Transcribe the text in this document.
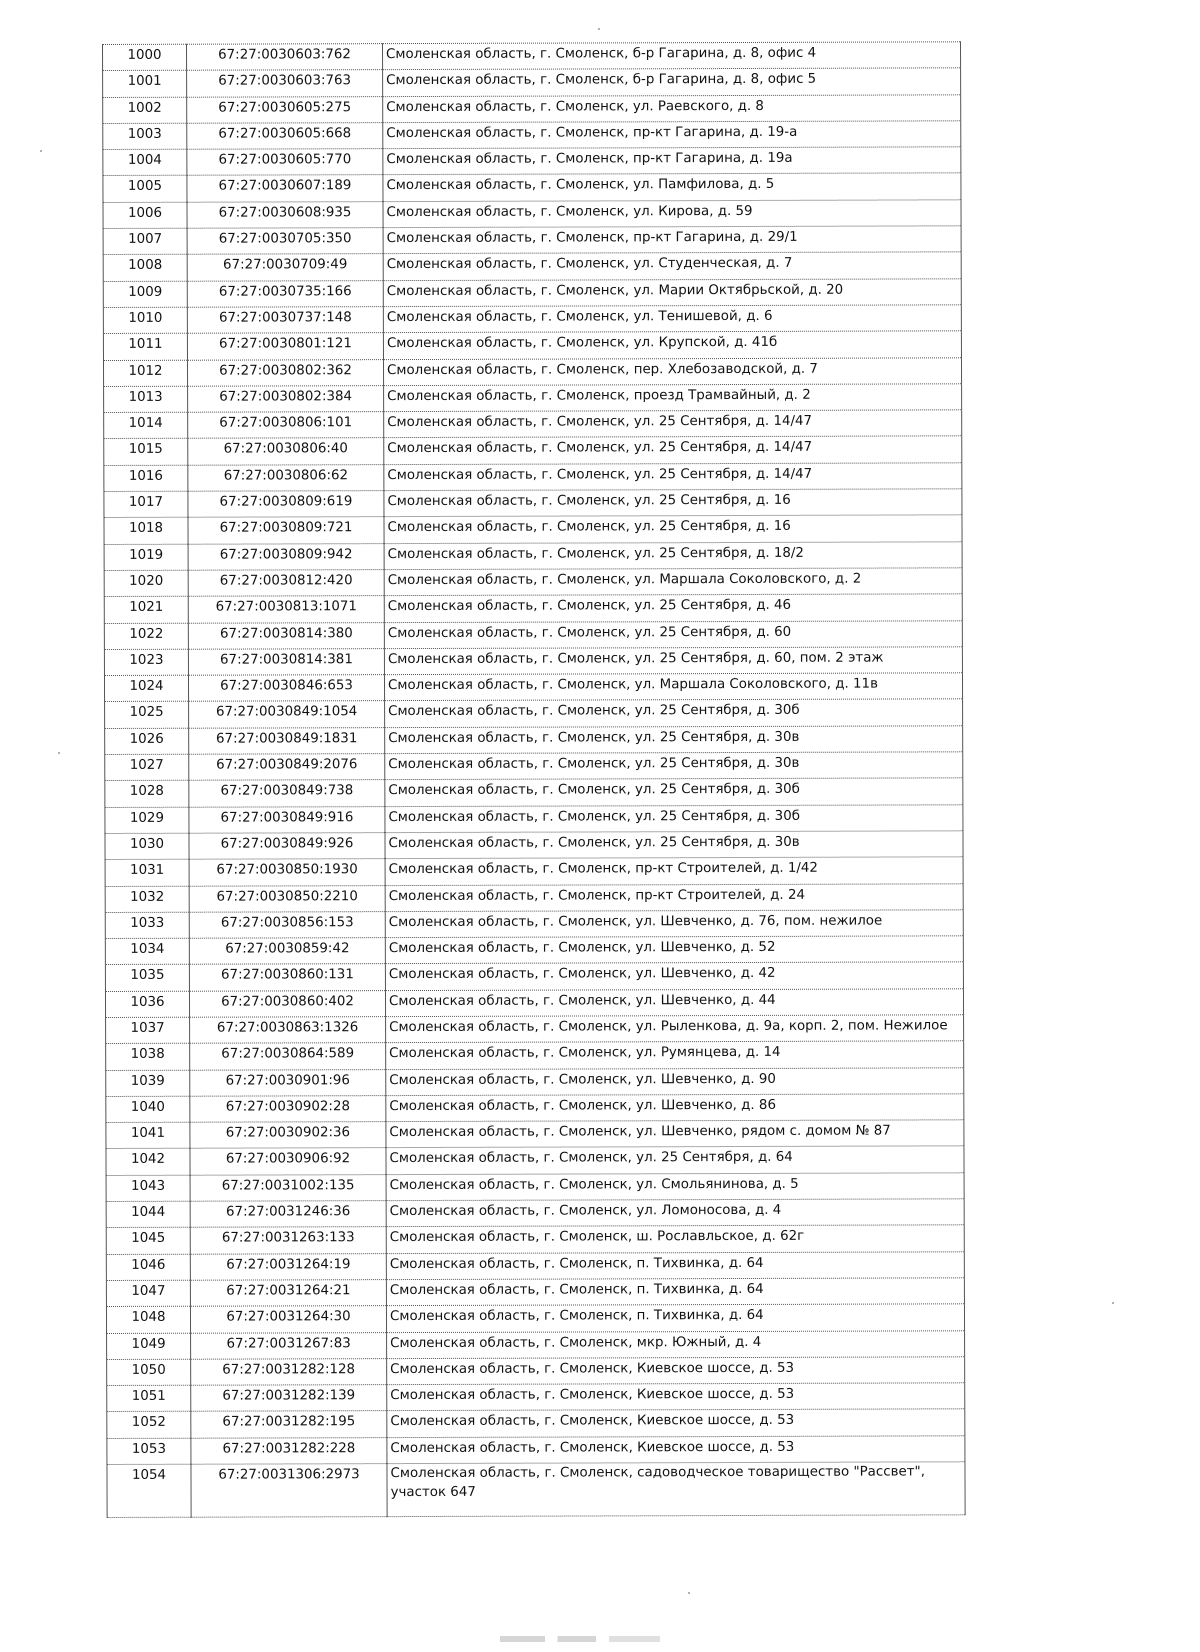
1000	67:27:0030603:762	Смоленская область, г. Смоленск, б-р Гагарина, д. 8, офис 4
1001	67:27:0030603:763	Смоленская область, г. Смоленск, б-р Гагарина, д. 8, офис 5
1002	67:27:0030605:275	Смоленская область, г. Смоленск, ул. Раевского, д. 8
1003	67:27:0030605:668	Смоленская область, г. Смоленск, пр-кт Гагарина, д. 19-а
1004	67:27:0030605:770	Смоленская область, г. Смоленск, пр-кт Гагарина, д. 19а
1005	67:27:0030607:189	Смоленская область, г. Смоленск, ул. Памфилова, д. 5
1006	67:27:0030608:935	Смоленская область, г. Смоленск, ул. Кирова, д. 59
1007	67:27:0030705:350	Смоленская область, г. Смоленск, пр-кт Гагарина, д. 29/1
1008	67:27:0030709:49	Смоленская область, г. Смоленск, ул. Студенческая, д. 7
1009	67:27:0030735:166	Смоленская область, г. Смоленск, ул. Марии Октябрьской, д. 20
1010	67:27:0030737:148	Смоленская область, г. Смоленск, ул. Тенишевой, д. 6
1011	67:27:0030801:121	Смоленская область, г. Смоленск, ул. Крупской, д. 41б
1012	67:27:0030802:362	Смоленская область, г. Смоленск, пер. Хлебозаводской, д. 7
1013	67:27:0030802:384	Смоленская область, г. Смоленск, проезд Трамвайный, д. 2
1014	67:27:0030806:101	Смоленская область, г. Смоленск, ул. 25 Сентября, д. 14/47
1015	67:27:0030806:40	Смоленская область, г. Смоленск, ул. 25 Сентября, д. 14/47
1016	67:27:0030806:62	Смоленская область, г. Смоленск, ул. 25 Сентября, д. 14/47
1017	67:27:0030809:619	Смоленская область, г. Смоленск, ул. 25 Сентября, д. 16
1018	67:27:0030809:721	Смоленская область, г. Смоленск, ул. 25 Сентября, д. 16
1019	67:27:0030809:942	Смоленская область, г. Смоленск, ул. 25 Сентября, д. 18/2
1020	67:27:0030812:420	Смоленская область, г. Смоленск, ул. Маршала Соколовского, д. 2
1021	67:27:0030813:1071	Смоленская область, г. Смоленск, ул. 25 Сентября, д. 46
1022	67:27:0030814:380	Смоленская область, г. Смоленск, ул. 25 Сентября, д. 60
1023	67:27:0030814:381	Смоленская область, г. Смоленск, ул. 25 Сентября, д. 60, пом. 2 этаж
1024	67:27:0030846:653	Смоленская область, г. Смоленск, ул. Маршала Соколовского, д. 11в
1025	67:27:0030849:1054	Смоленская область, г. Смоленск, ул. 25 Сентября, д. 30б
1026	67:27:0030849:1831	Смоленская область, г. Смоленск, ул. 25 Сентября, д. 30в
1027	67:27:0030849:2076	Смоленская область, г. Смоленск, ул. 25 Сентября, д. 30в
1028	67:27:0030849:738	Смоленская область, г. Смоленск, ул. 25 Сентября, д. 30б
1029	67:27:0030849:916	Смоленская область, г. Смоленск, ул. 25 Сентября, д. 30б
1030	67:27:0030849:926	Смоленская область, г. Смоленск, ул. 25 Сентября, д. 30в
1031	67:27:0030850:1930	Смоленская область, г. Смоленск, пр-кт Строителей, д. 1/42
1032	67:27:0030850:2210	Смоленская область, г. Смоленск, пр-кт Строителей, д. 24
1033	67:27:0030856:153	Смоленская область, г. Смоленск, ул. Шевченко, д. 76, пом. нежилое
1034	67:27:0030859:42	Смоленская область, г. Смоленск, ул. Шевченко, д. 52
1035	67:27:0030860:131	Смоленская область, г. Смоленск, ул. Шевченко, д. 42
1036	67:27:0030860:402	Смоленская область, г. Смоленск, ул. Шевченко, д. 44
1037	67:27:0030863:1326	Смоленская область, г. Смоленск, ул. Рыленкова, д. 9а, корп. 2, пом. Нежилое
1038	67:27:0030864:589	Смоленская область, г. Смоленск, ул. Румянцева, д. 14
1039	67:27:0030901:96	Смоленская область, г. Смоленск, ул. Шевченко, д. 90
1040	67:27:0030902:28	Смоленская область, г. Смоленск, ул. Шевченко, д. 86
1041	67:27:0030902:36	Смоленская область, г. Смоленск, ул. Шевченко, рядом с. домом № 87
1042	67:27:0030906:92	Смоленская область, г. Смоленск, ул. 25 Сентября, д. 64
1043	67:27:0031002:135	Смоленская область, г. Смоленск, ул. Смольянинова, д. 5
1044	67:27:0031246:36	Смоленская область, г. Смоленск, ул. Ломоносова, д. 4
1045	67:27:0031263:133	Смоленская область, г. Смоленск, ш. Рославльское, д. 62г
1046	67:27:0031264:19	Смоленская область, г. Смоленск, п. Тихвинка, д. 64
1047	67:27:0031264:21	Смоленская область, г. Смоленск, п. Тихвинка, д. 64
1048	67:27:0031264:30	Смоленская область, г. Смоленск, п. Тихвинка, д. 64
1049	67:27:0031267:83	Смоленская область, г. Смоленск, мкр. Южный, д. 4
1050	67:27:0031282:128	Смоленская область, г. Смоленск, Киевское шоссе, д. 53
1051	67:27:0031282:139	Смоленская область, г. Смоленск, Киевское шоссе, д. 53
1052	67:27:0031282:195	Смоленская область, г. Смоленск, Киевское шоссе, д. 53
1053	67:27:0031282:228	Смоленская область, г. Смоленск, Киевское шоссе, д. 53
1054	67:27:0031306:2973	Смоленская область, г. Смоленск, садоводческое товарищество "Рассвет", участок 647
